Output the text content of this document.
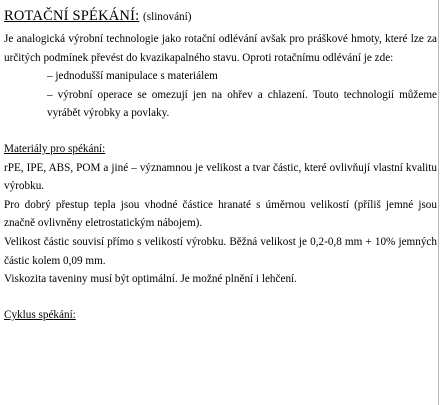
ROTAČNÍ SPÉKÁNÍ: (slinování)

Je analogická výrobní technologie jako rotační odlévání avšak pro práškové hmoty, které lze za určitých podmínek převést do kvazikapalného stavu. Oproti rotačnímu odlévání je zde:

– jednodušší manipulace s materiálem

– výrobní operace se omezují jen na ohřev a chlazení. Touto technologií můžeme vyrábět výrobky a povlaky.

Materiály pro spékání:

rPE, IPE, ABS, POM a jiné – významnou je velikost a tvar částic, které ovlivňují vlastní kvalitu výrobku.

Pro dobrý přestup tepla jsou vhodné částice hranaté s úměrnou velikostí (příliš jemné jsou značně ovlivněny eletrostatickým nábojem).

Velikost částic souvisí přímo s velikostí výrobku. Běžná velikost je 0,2-0,8 mm + 10% jemných částic kolem 0,09 mm.

Viskozita taveniny musí být optimální. Je možné plnění i lehčení.

Cyklus spékání:
